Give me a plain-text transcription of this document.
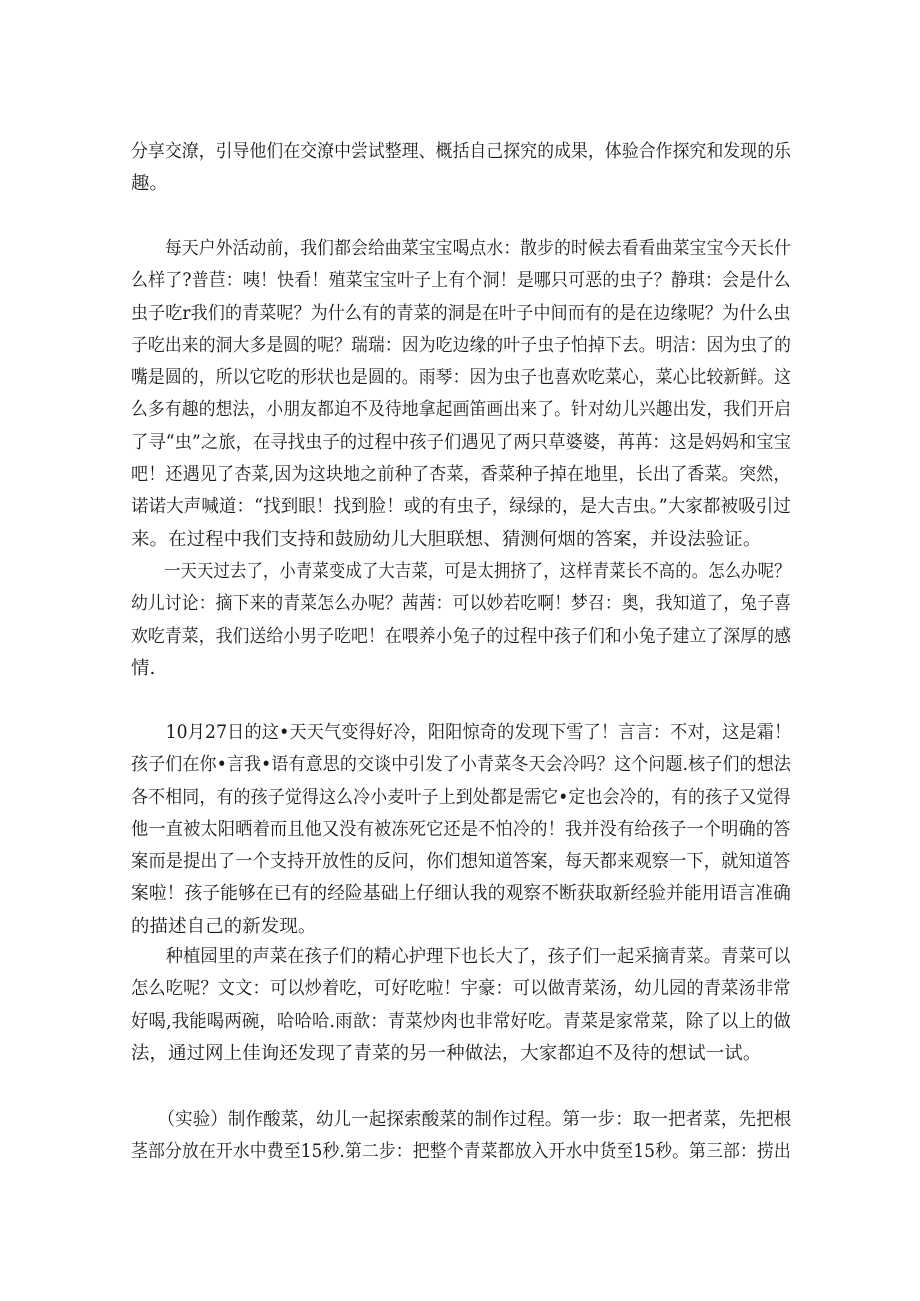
分享交潦，引导他们在交潦中尝试整理、概括自己探究的成果，体验合作探究和发现的乐
趣。

　　每天户外活动前，我们都会给曲菜宝宝喝点水：散步的时候去看看曲菜宝宝今天长什
么样了?普苣：咦！快看！殖菜宝宝叶子上有个洞！是哪只可恶的虫子？静琪：会是什么
虫子吃r我们的青菜呢？为什么有的青菜的洞是在叶子中间而有的是在边缘呢？为什么虫
子吃出来的洞大多是圆的呢？瑞瑞：因为吃边缘的叶子虫子怕掉下去。明洁：因为虫了的
嘴是圆的，所以它吃的形状也是圆的。雨琴：因为虫子也喜欢吃菜心，菜心比较新鲜。这
么多有趣的想法，小朋友都迫不及待地拿起画笛画出来了。针对幼儿兴趣出发，我们开启
了寻“虫”之旅，在寻找虫子的过程中孩子们遇见了两只草婆婆，苒苒：这是妈妈和宝宝
吧！还遇见了杏菜,因为这块地之前种了杏菜，香菜种子掉在地里，长出了香菜。突然，
诺诺大声喊道：“找到眼！找到脸！或的有虫子，绿绿的，是大吉虫。”大家都被吸引过
来。在过程中我们支持和鼓励幼儿大胆联想、猜测何烟的答案，并设法验证。

　　一天天过去了，小青菜变成了大吉菜，可是太拥挤了，这样青菜长不高的。怎么办呢？
幼儿讨论：摘下来的青菜怎么办呢？茜茜：可以妙若吃啊！梦召：奥，我知道了，兔子喜
欢吃青菜，我们送给小男子吃吧！在喂养小兔子的过程中孩子们和小兔子建立了深厚的感
情.

　　10月27日的这•天天气变得好冷，阳阳惊奇的发现下雪了！言言：不对，这是霜！
孩子们在你•言我•语有意思的交谈中引发了小青菜冬天会冷吗？这个问题.核子们的想法
各不相同，有的孩子觉得这么冷小麦叶子上到处都是需它•定也会冷的，有的孩子又觉得
他一直被太阳晒着而且他又没有被冻死它还是不怕冷的！我并没有给孩子一个明确的答
案而是提出了一个支持开放性的反问，你们想知道答案，每天都来观察一下，就知道答
案啦！孩子能够在已有的经险基础上仔细认我的观察不断获取新经验并能用语言准确
的描述自己的新发现。

　　种植园里的声菜在孩子们的精心护理下也长大了，孩子们一起采摘青菜。青菜可以
怎么吃呢？文文：可以炒着吃，可好吃啦！宇豪：可以做青菜汤，幼儿园的青菜汤非常
好喝,我能喝两碗，哈哈哈.雨歆：青菜炒肉也非常好吃。青菜是家常菜，除了以上的做
法，通过网上佳询还发现了青菜的另一种做法，大家都迫不及待的想试一试。

　　（实验）制作酸菜，幼儿一起探索酸菜的制作过程。第一步：取一把者菜，先把根
茎部分放在开水中费至15秒.第二步：把整个青菜都放入开水中货至15秒。第三部：捞出
